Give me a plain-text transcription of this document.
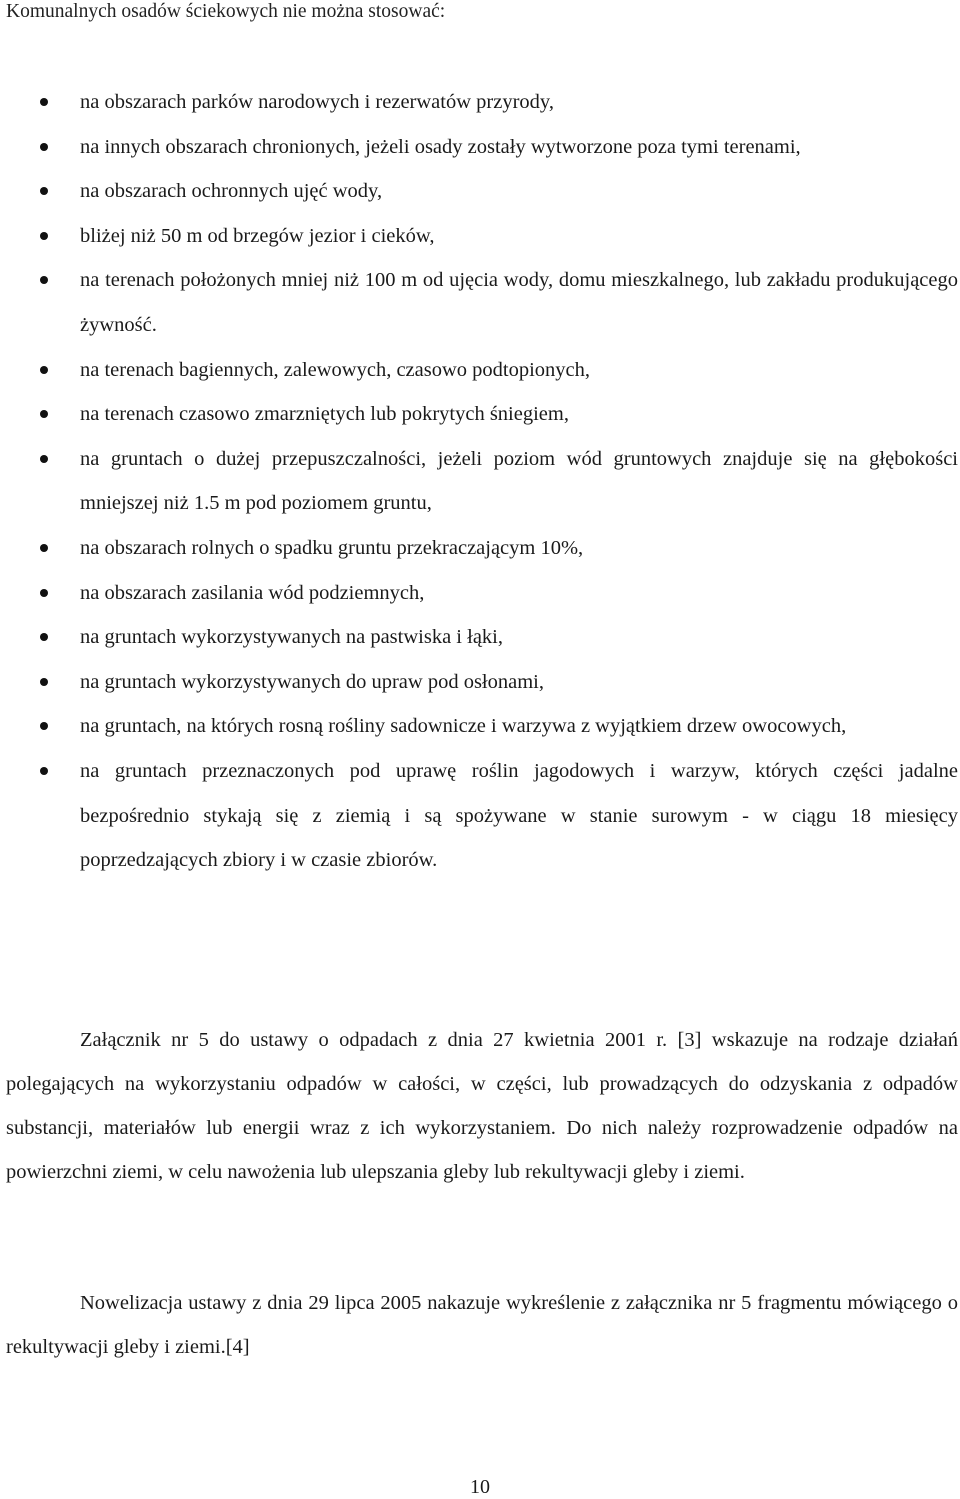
Komunalnych osadów ściekowych nie można stosować:
na obszarach parków narodowych i rezerwatów przyrody,
na innych obszarach chronionych, jeżeli osady zostały wytworzone poza tymi terenami,
na obszarach ochronnych ujęć wody,
bliżej niż 50 m od brzegów jezior i cieków,
na terenach położonych mniej niż 100 m od ujęcia wody, domu mieszkalnego, lub zakładu produkującego żywność.
na terenach bagiennych, zalewowych, czasowo podtopionych,
na terenach czasowo zmarzniętych lub pokrytych śniegiem,
na gruntach o dużej przepuszczalności, jeżeli poziom wód gruntowych znajduje się na głębokości mniejszej niż 1.5 m pod poziomem gruntu,
na obszarach rolnych o spadku gruntu przekraczającym 10%,
na obszarach zasilania wód podziemnych,
na gruntach wykorzystywanych na pastwiska i łąki,
na gruntach wykorzystywanych do upraw pod osłonami,
na gruntach, na których rosną rośliny sadownicze i warzywa z wyjątkiem drzew owocowych,
na gruntach przeznaczonych pod uprawę roślin jagodowych i warzyw, których części jadalne bezpośrednio stykają się z ziemią i są spożywane w stanie surowym - w ciągu 18 miesięcy poprzedzających zbiory i w czasie zbiorów.

Załącznik nr 5 do ustawy o odpadach z dnia 27 kwietnia 2001 r. [3] wskazuje na rodzaje działań polegających na wykorzystaniu odpadów w całości, w części, lub prowadzących do odzyskania z odpadów substancji, materiałów lub energii wraz z ich wykorzystaniem. Do nich należy rozprowadzenie odpadów na powierzchni ziemi, w celu nawożenia lub ulepszania gleby lub rekultywacji gleby i ziemi.

Nowelizacja ustawy z dnia 29 lipca 2005 nakazuje wykreślenie z załącznika nr 5 fragmentu mówiącego o rekultywacji gleby i ziemi.[4]

10
